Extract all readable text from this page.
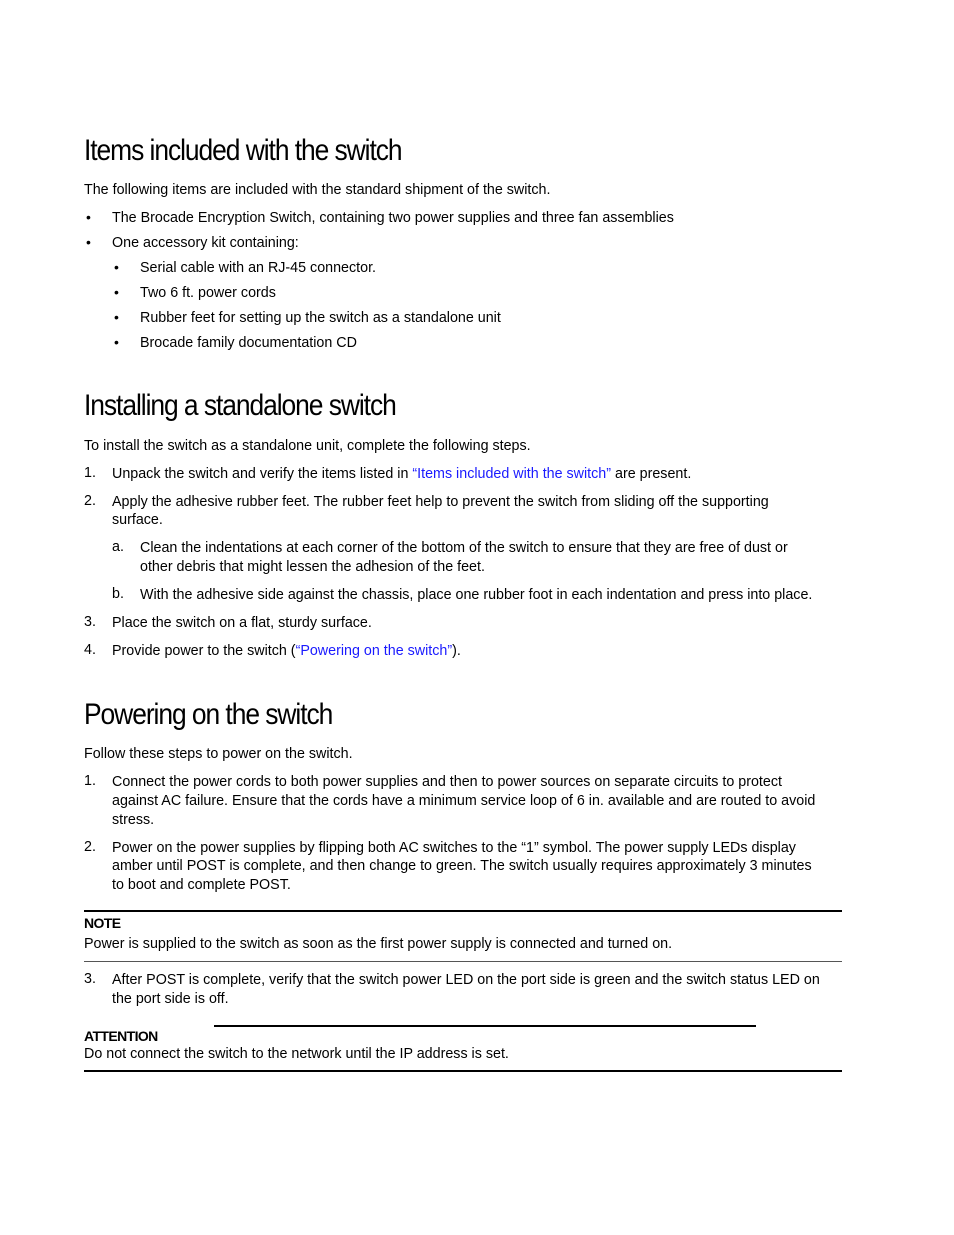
Items included with the switch

The following items are included with the standard shipment of the switch.

• The Brocade Encryption Switch, containing two power supplies and three fan assemblies

• One accessory kit containing:

• Serial cable with an RJ-45 connector.

• Two 6 ft. power cords

• Rubber feet for setting up the switch as a standalone unit

• Brocade family documentation CD

Installing a standalone switch

To install the switch as a standalone unit, complete the following steps.

1. Unpack the switch and verify the items listed in “Items included with the switch” are present.

2. Apply the adhesive rubber feet. The rubber feet help to prevent the switch from sliding off the supporting

surface.

a. Clean the indentations at each corner of the bottom of the switch to ensure that they are free of dust or

other debris that might lessen the adhesion of the feet.

b. With the adhesive side against the chassis, place one rubber foot in each indentation and press into place.

3. Place the switch on a flat, sturdy surface.

4. Provide power to the switch (“Powering on the switch”).

Powering on the switch

Follow these steps to power on the switch.

1. Connect the power cords to both power supplies and then to power sources on separate circuits to protect

against AC failure. Ensure that the cords have a minimum service loop of 6 in. available and are routed to avoid

stress.

2. Power on the power supplies by flipping both AC switches to the “1” symbol. The power supply LEDs display

amber until POST is complete, and then change to green. The switch usually requires approximately 3 minutes

to boot and complete POST.

NOTE

Power is supplied to the switch as soon as the first power supply is connected and turned on.

3. After POST is complete, verify that the switch power LED on the port side is green and the switch status LED on

the port side is off.

ATTENTION

Do not connect the switch to the network until the IP address is set.
